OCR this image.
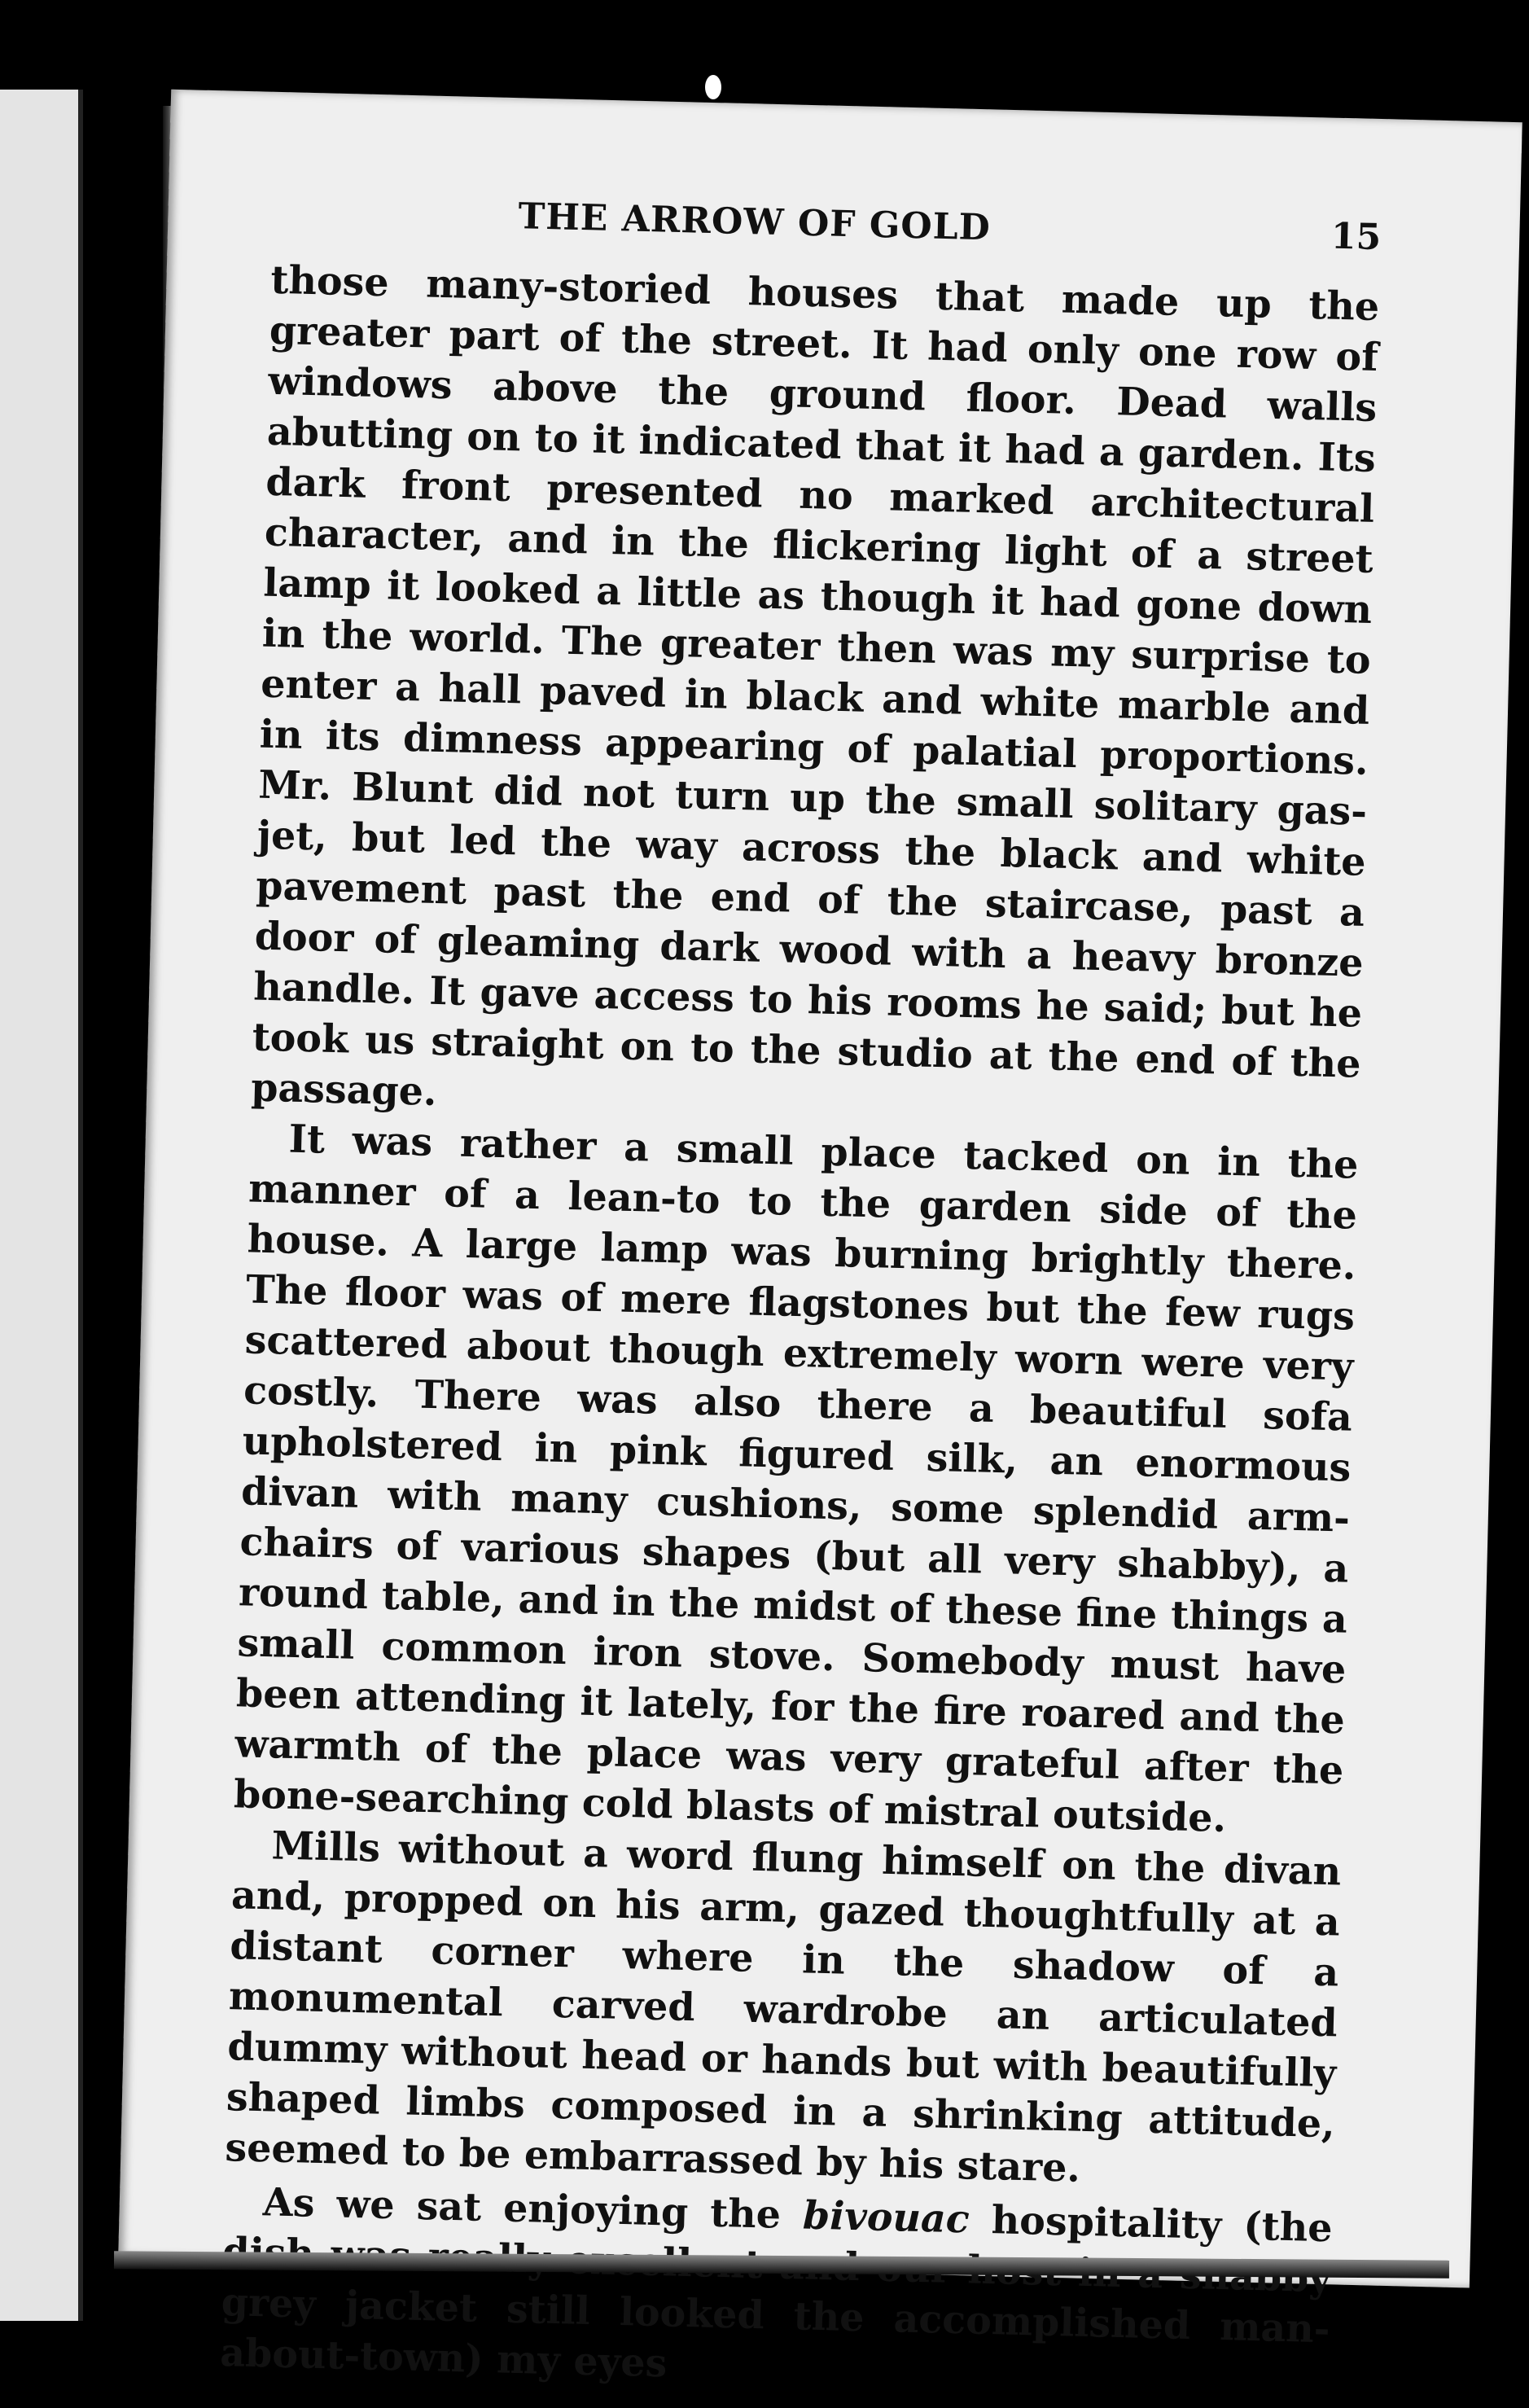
THE ARROW OF GOLD	15

those many-storied houses that made up the greater part of the street. It had only one row of windows above the ground floor. Dead walls abutting on to it indicated that it had a garden. Its dark front presented no marked architectural character, and in the flickering light of a street lamp it looked a little as though it had gone down in the world. The greater then was my surprise to enter a hall paved in black and white marble and in its dimness appearing of palatial proportions. Mr. Blunt did not turn up the small solitary gas-jet, but led the way across the black and white pavement past the end of the staircase, past a door of gleaming dark wood with a heavy bronze handle. It gave access to his rooms he said; but he took us straight on to the studio at the end of the passage.

It was rather a small place tacked on in the manner of a lean-to to the garden side of the house. A large lamp was burning brightly there. The floor was of mere flagstones but the few rugs scattered about though extremely worn were very costly. There was also there a beautiful sofa upholstered in pink figured silk, an enormous divan with many cushions, some splendid arm-chairs of various shapes (but all very shabby), a round table, and in the midst of these fine things a small common iron stove. Somebody must have been attending it lately, for the fire roared and the warmth of the place was very grateful after the bone-searching cold blasts of mistral outside.

Mills without a word flung himself on the divan and, propped on his arm, gazed thoughtfully at a distant corner where in the shadow of a monumental carved wardrobe an articulated dummy without head or hands but with beautifully shaped limbs composed in a shrinking attitude, seemed to be embarrassed by his stare.

As we sat enjoying the bivouac hospitality (the grey jacket still looked the accomplished man-about-town) my eyes
